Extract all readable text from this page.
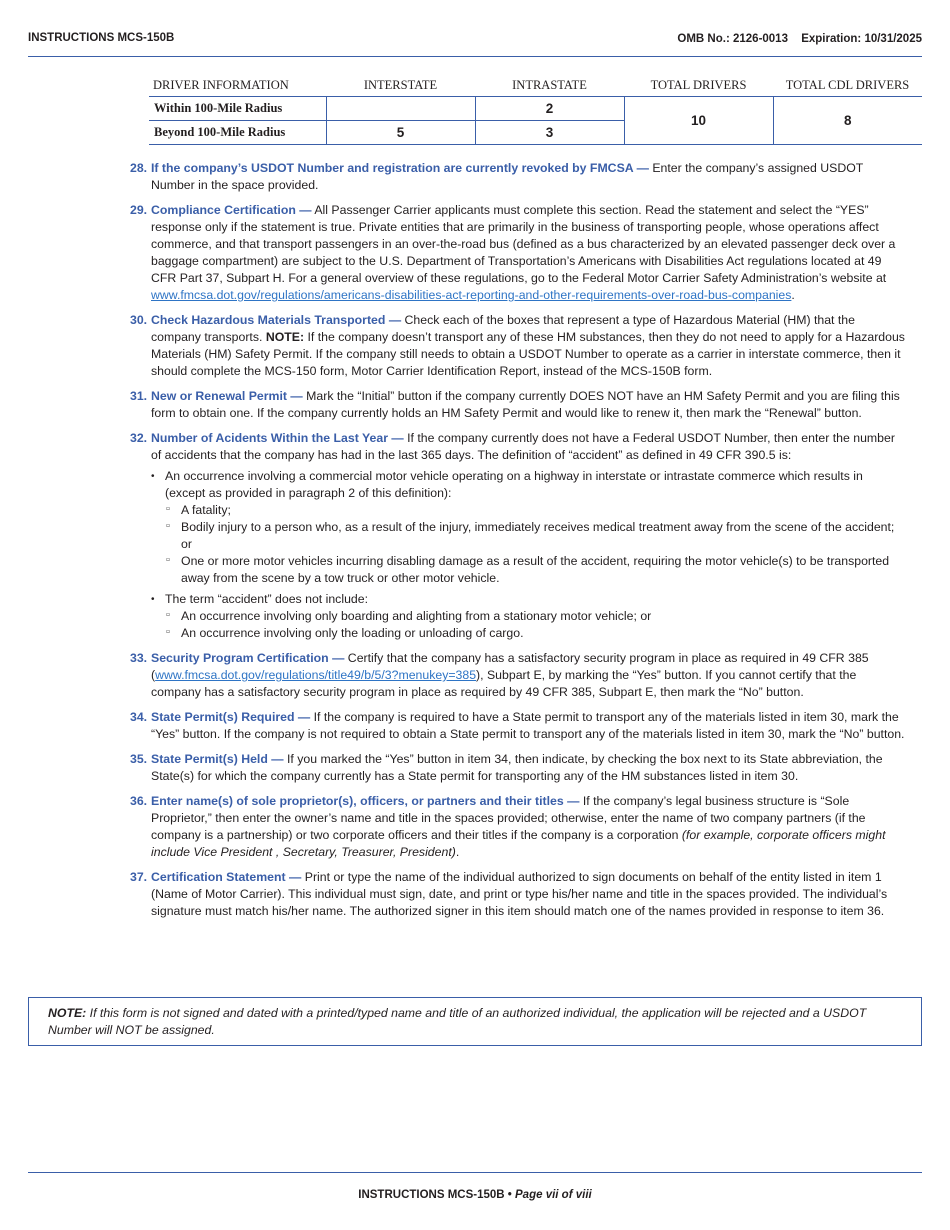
INSTRUCTIONS MCS-150B	OMB No.: 2126-0013 Expiration: 10/31/2025
DRIVER INFORMATION	INTERSTATE	INTRASTATE	TOTAL DRIVERS	TOTAL CDL DRIVERS
Within 100-Mile Radius		2	10	8
Beyond 100-Mile Radius	5	3		
28. If the company’s USDOT Number and registration are currently revoked by FMCSA — Enter the company’s assigned USDOT Number in the space provided.
29. Compliance Certification — All Passenger Carrier applicants must complete this section. Read the statement and select the “YES” response only if the statement is true. Private entities that are primarily in the business of transporting people, whose operations affect commerce, and that transport passengers in an over-the-road bus (defined as a bus characterized by an elevated passenger deck over a baggage compartment) are subject to the U.S. Department of Transportation’s Americans with Disabilities Act regulations located at 49 CFR Part 37, Subpart H. For a general overview of these regulations, go to the Federal Motor Carrier Safety Administration’s website at www.fmcsa.dot.gov/regulations/americans-disabilities-act-reporting-and-other-requirements-over-road-bus-companies.
30. Check Hazardous Materials Transported — Check each of the boxes that represent a type of Hazardous Material (HM) that the company transports. NOTE: If the company doesn’t transport any of these HM substances, then they do not need to apply for a Hazardous Materials (HM) Safety Permit. If the company still needs to obtain a USDOT Number to operate as a carrier in interstate commerce, then it should complete the MCS-150 form, Motor Carrier Identification Report, instead of the MCS-150B form.
31. New or Renewal Permit — Mark the “Initial” button if the company currently DOES NOT have an HM Safety Permit and you are filing this form to obtain one. If the company currently holds an HM Safety Permit and would like to renew it, then mark the “Renewal” button.
32. Number of Acidents Within the Last Year — If the company currently does not have a Federal USDOT Number, then enter the number of accidents that the company has had in the last 365 days. The definition of “accident” as defined in 49 CFR 390.5 is:
• An occurrence involving a commercial motor vehicle operating on a highway in interstate or intrastate commerce which results in (except as provided in paragraph 2 of this definition):
▫ A fatality;
▫ Bodily injury to a person who, as a result of the injury, immediately receives medical treatment away from the scene of the accident; or
▫ One or more motor vehicles incurring disabling damage as a result of the accident, requiring the motor vehicle(s) to be transported away from the scene by a tow truck or other motor vehicle.
• The term “accident” does not include:
▫ An occurrence involving only boarding and alighting from a stationary motor vehicle; or
▫ An occurrence involving only the loading or unloading of cargo.
33. Security Program Certification — Certify that the company has a satisfactory security program in place as required in 49 CFR 385 (www.fmcsa.dot.gov/regulations/title49/b/5/3?menukey=385), Subpart E, by marking the “Yes” button. If you cannot certify that the company has a satisfactory security program in place as required by 49 CFR 385, Subpart E, then mark the “No” button.
34. State Permit(s) Required — If the company is required to have a State permit to transport any of the materials listed in item 30, mark the “Yes” button. If the company is not required to obtain a State permit to transport any of the materials listed in item 30, mark the “No” button.
35. State Permit(s) Held — If you marked the “Yes” button in item 34, then indicate, by checking the box next to its State abbreviation, the State(s) for which the company currently has a State permit for transporting any of the HM substances listed in item 30.
36. Enter name(s) of sole proprietor(s), officers, or partners and their titles — If the company’s legal business structure is “Sole Proprietor,” then enter the owner’s name and title in the spaces provided; otherwise, enter the name of two company partners (if the company is a partnership) or two corporate officers and their titles if the company is a corporation (for example, corporate officers might include Vice President , Secretary, Treasurer, President).
37. Certification Statement — Print or type the name of the individual authorized to sign documents on behalf of the entity listed in item 1 (Name of Motor Carrier). This individual must sign, date, and print or type his/her name and title in the spaces provided. The individual’s signature must match his/her name. The authorized signer in this item should match one of the names provided in response to item 36.
NOTE: If this form is not signed and dated with a printed/typed name and title of an authorized individual, the application will be rejected and a USDOT Number will NOT be assigned.
INSTRUCTIONS MCS-150B • Page vii of viii
